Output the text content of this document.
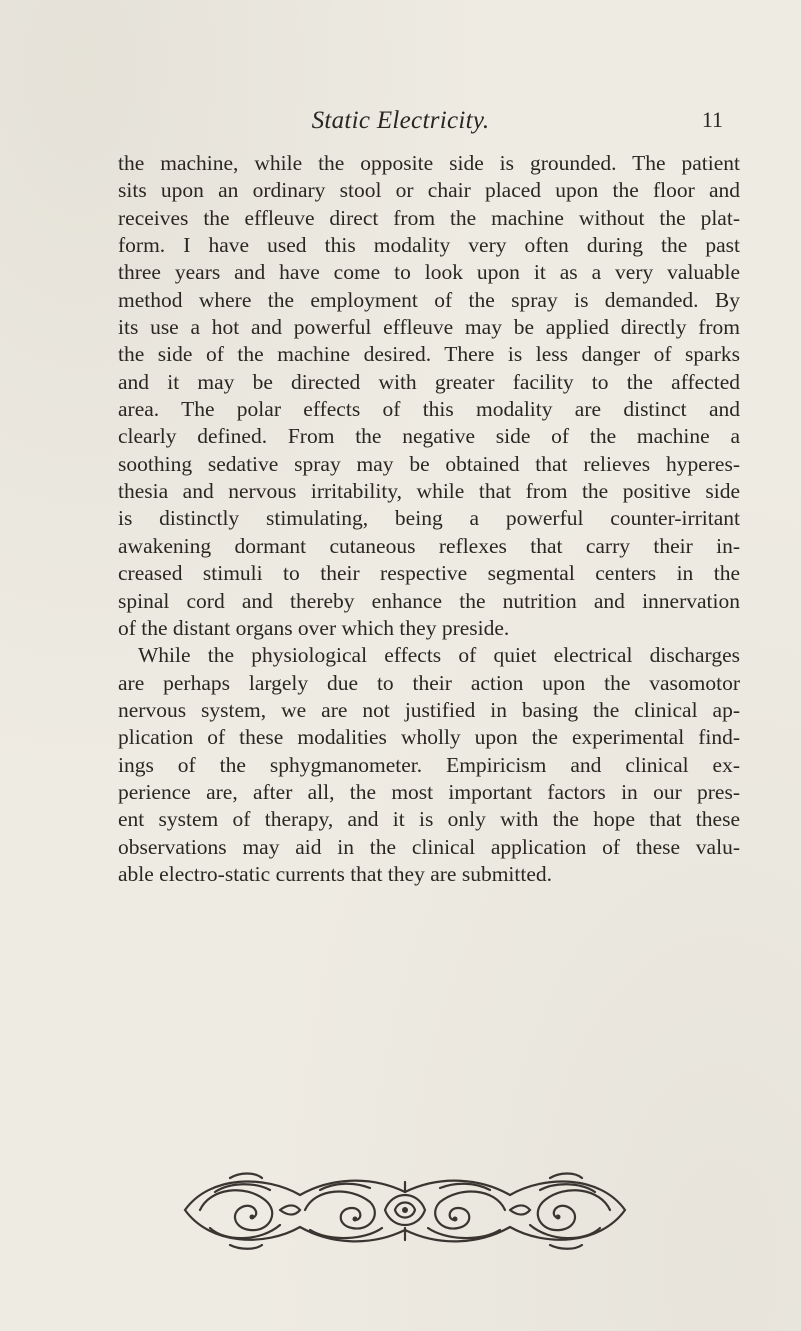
Static Electricity.	11
the machine, while the opposite side is grounded. The patient
sits upon an ordinary stool or chair placed upon the floor and
receives the effleuve direct from the machine without the plat-
form. I have used this modality very often during the past
three years and have come to look upon it as a very valuable
method where the employment of the spray is demanded. By
its use a hot and powerful effleuve may be applied directly from
the side of the machine desired. There is less danger of sparks
and it may be directed with greater facility to the affected
area. The polar effects of this modality are distinct and
clearly defined. From the negative side of the machine a
soothing sedative spray may be obtained that relieves hyperes-
thesia and nervous irritability, while that from the positive side
is distinctly stimulating, being a powerful counter-irritant
awakening dormant cutaneous reflexes that carry their in-
creased stimuli to their respective segmental centers in the
spinal cord and thereby enhance the nutrition and innervation
of the distant organs over which they preside.
While the physiological effects of quiet electrical discharges
are perhaps largely due to their action upon the vasomotor
nervous system, we are not justified in basing the clinical ap-
plication of these modalities wholly upon the experimental find-
ings of the sphygmanometer. Empiricism and clinical ex-
perience are, after all, the most important factors in our pres-
ent system of therapy, and it is only with the hope that these
observations may aid in the clinical application of these valu-
able electro-static currents that they are submitted.
